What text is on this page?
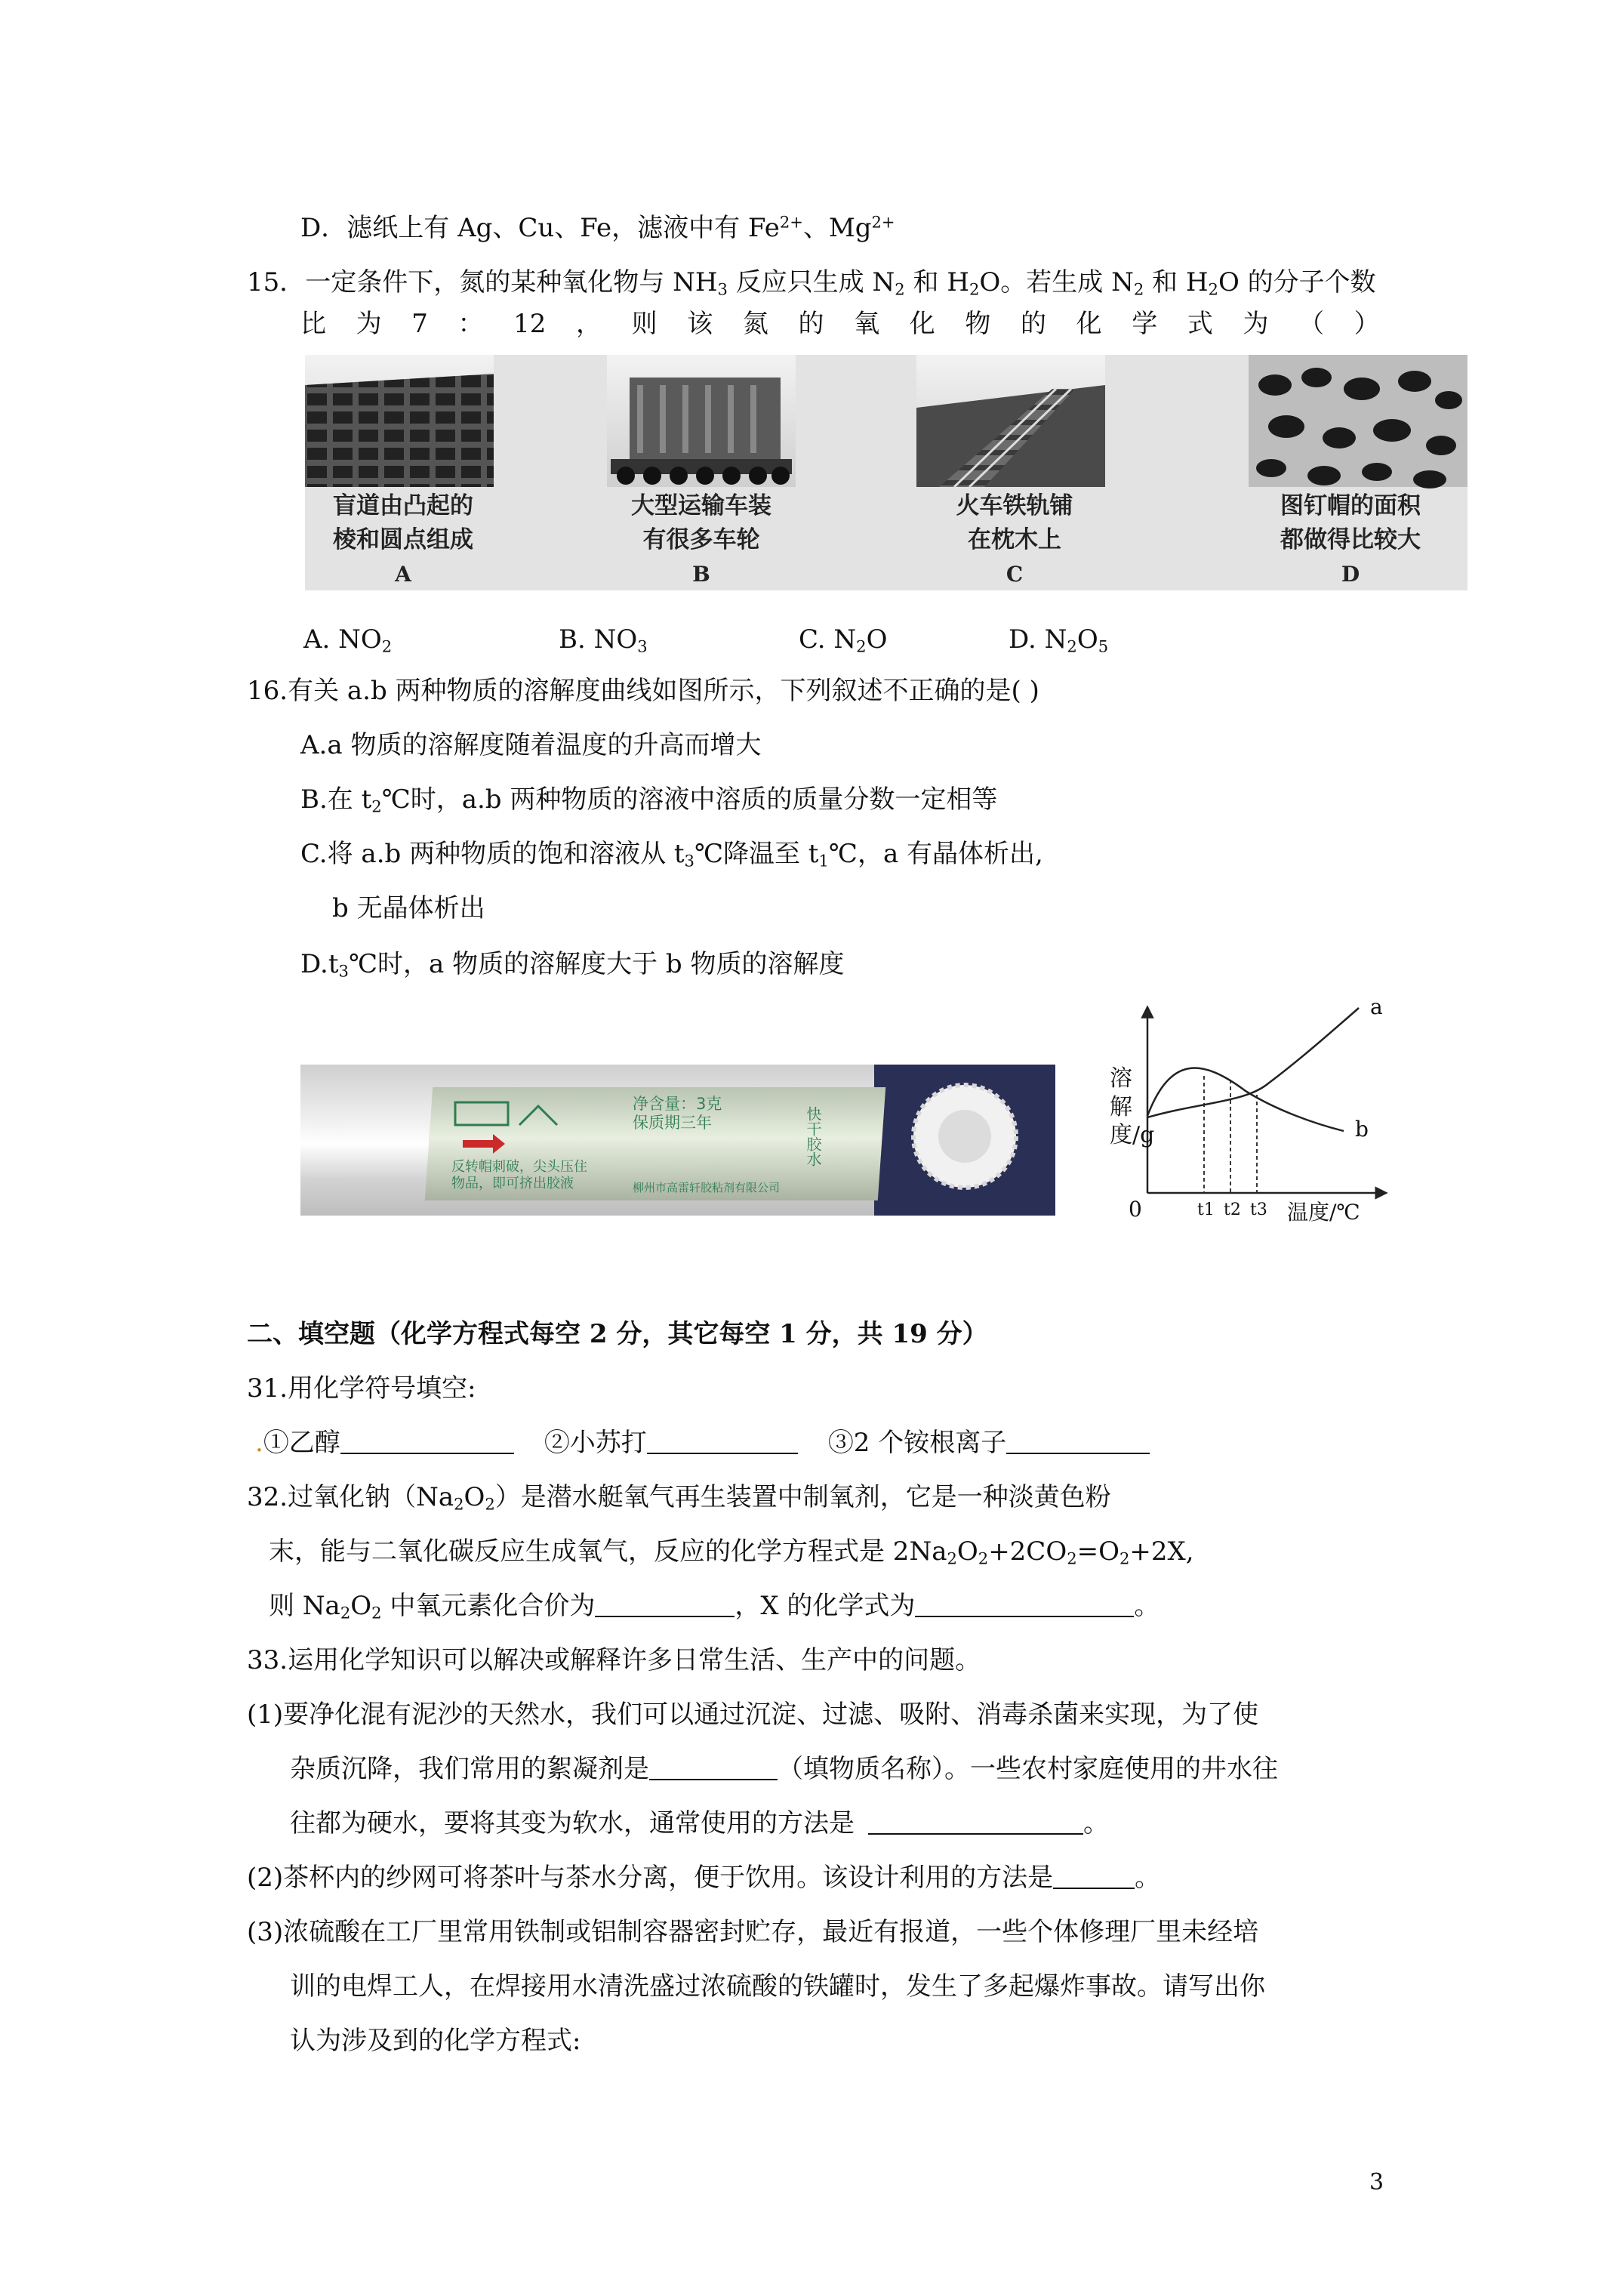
D．滤纸上有 Ag、Cu、Fe，滤液中有 $Fe^{2+}$、$Mg^{2+}$
15．一定条件下，氮的某种氧化物与 $NH_3$ 反应只生成 $N_2$ 和 $H_2O$。若生成 $N_2$ 和 $H_2O$ 的分子个数
比 为 7 ： 12 ， 则 该 氮 的 氧 化 物 的 化 学 式 为 （ ）
盲道由凸起的
棱和圆点组成
A
大型运输车装
有很多车轮
B
火车铁轨铺
在枕木上
C
图钉帽的面积
都做得比较大
D
A. $NO_2$	B. $NO_3$	C. $N_2O$	D. $N_2O_5$
16.有关 a.b 两种物质的溶解度曲线如图所示，下列叙述不正确的是( )
A.a 物质的溶解度随着温度的升高而增大
B.在 $t_2℃$时，a.b 两种物质的溶液中溶质的质量分数一定相等
C.将 a.b 两种物质的饱和溶液从 $t_3℃$降温至 $t_1℃$，a 有晶体析出,
b 无晶体析出
$D.t_3℃$时，a 物质的溶解度大于 b 物质的溶解度
净含量：3克
保质期三年
反转帽刺破，尖头压住
物品，即可挤出胶液	柳州市高雷轩胶粘剂有限公司
快干胶水
溶解度/g
a
b
0	t1 t2 t3 温度/℃
二、填空题（化学方程式每空 2 分，其它每空 1 分，共 19 分）
31.用化学符号填空:
.①乙醇	②小苏打	③2 个铵根离子
32.过氧化钠$(Na_2O_2)$是潜水艇氧气再生装置中制氧剂，它是一种淡黄色粉
末，能与二氧化碳反应生成氧气，反应的化学方程式是 $2Na_2O_2+2CO_2=O_2+2X$,
则 $Na_2O_2$ 中氧元素化合价为	，X 的化学式为	。
33.运用化学知识可以解决或解释许多日常生活、生产中的问题。
(1)要净化混有泥沙的天然水，我们可以通过沉淀、过滤、吸附、消毒杀菌来实现，为了使
杂质沉降，我们常用的絮凝剂是	（填物质名称）。一些农村家庭使用的井水往
往都为硬水，要将其变为软水，通常使用的方法是	。
(2)茶杯内的纱网可将茶叶与茶水分离，便于饮用。该设计利用的方法是	。
(3)浓硫酸在工厂里常用铁制或铝制容器密封贮存，最近有报道，一些个体修理厂里未经培
训的电焊工人，在焊接用水清洗盛过浓硫酸的铁罐时，发生了多起爆炸事故。请写出你
认为涉及到的化学方程式:
3
